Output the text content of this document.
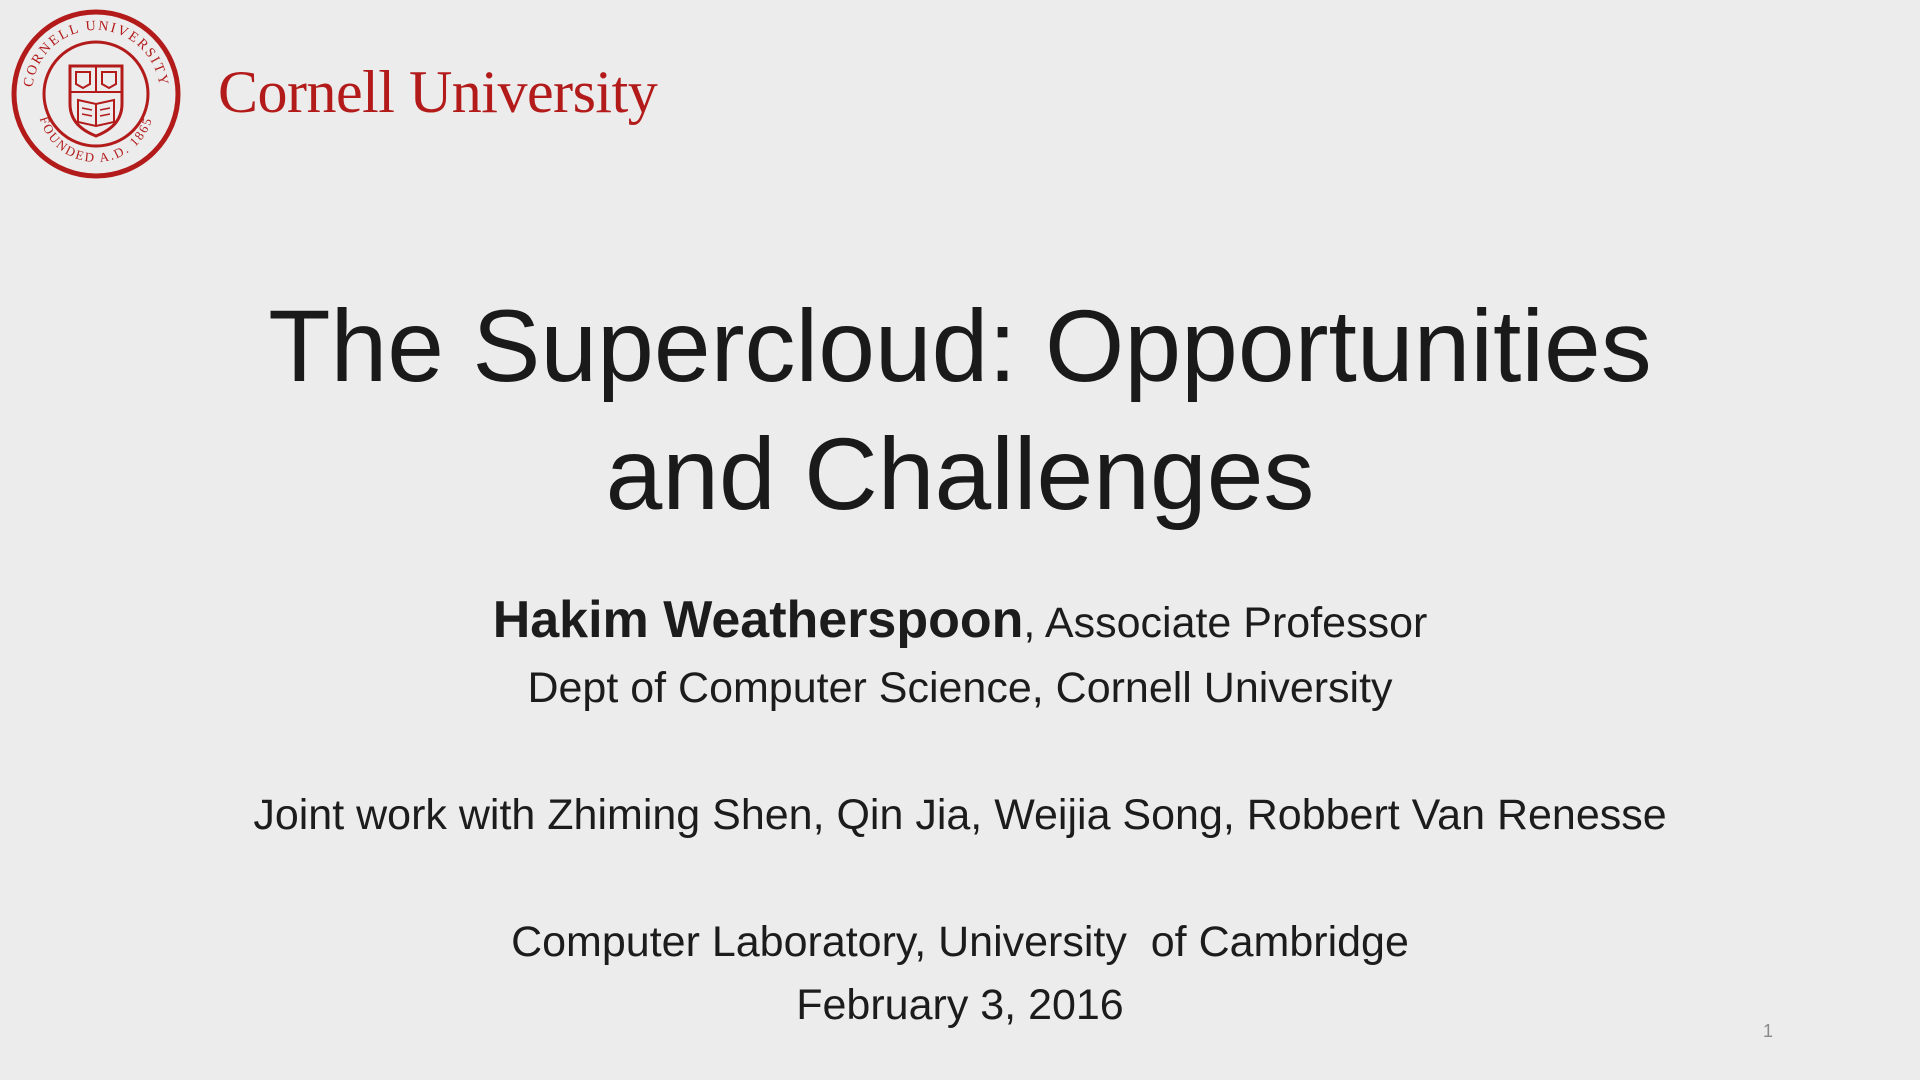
CORNELL UNIVERSITY
FOUNDED A.D. 1865 Cornell University
The Supercloud: Opportunities
and Challenges
Hakim Weatherspoon, Associate Professor
Dept of Computer Science, Cornell University
Joint work with Zhiming Shen, Qin Jia, Weijia Song, Robbert Van Renesse
Computer Laboratory, University  of Cambridge
February 3, 2016
1
